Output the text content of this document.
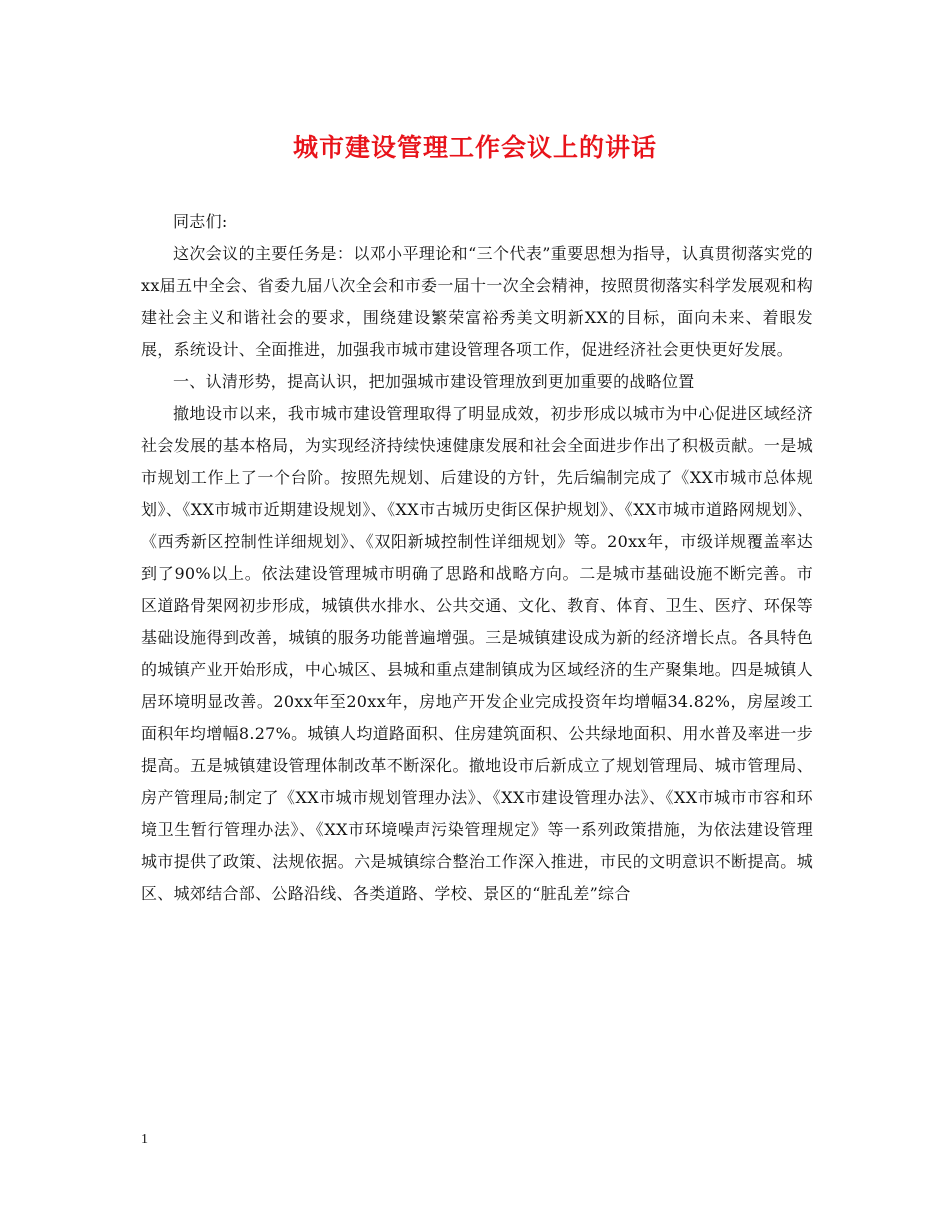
城市建设管理工作会议上的讲话

同志们:

这次会议的主要任务是：以邓小平理论和“三个代表”重要思想为指导，认真贯彻落实党的xx届五中全会、省委九届八次全会和市委一届十一次全会精神，按照贯彻落实科学发展观和构建社会主义和谐社会的要求，围绕建设繁荣富裕秀美文明新XX的目标，面向未来、着眼发展，系统设计、全面推进，加强我市城市建设管理各项工作，促进经济社会更快更好发展。

一、认清形势，提高认识，把加强城市建设管理放到更加重要的战略位置

撤地设市以来，我市城市建设管理取得了明显成效，初步形成以城市为中心促进区域经济社会发展的基本格局，为实现经济持续快速健康发展和社会全面进步作出了积极贡献。一是城市规划工作上了一个台阶。按照先规划、后建设的方针，先后编制完成了《XX市城市总体规划》、《XX市城市近期建设规划》、《XX市古城历史街区保护规划》、《XX市城市道路网规划》、《西秀新区控制性详细规划》、《双阳新城控制性详细规划》等。20xx年，市级详规覆盖率达到了90%以上。依法建设管理城市明确了思路和战略方向。二是城市基础设施不断完善。市区道路骨架网初步形成，城镇供水排水、公共交通、文化、教育、体育、卫生、医疗、环保等基础设施得到改善，城镇的服务功能普遍增强。三是城镇建设成为新的经济增长点。各具特色的城镇产业开始形成，中心城区、县城和重点建制镇成为区域经济的生产聚集地。四是城镇人居环境明显改善。20xx年至20xx年，房地产开发企业完成投资年均增幅34.82%，房屋竣工面积年均增幅8.27%。城镇人均道路面积、住房建筑面积、公共绿地面积、用水普及率进一步提高。五是城镇建设管理体制改革不断深化。撤地设市后新成立了规划管理局、城市管理局、房产管理局;制定了《XX市城市规划管理办法》、《XX市建设管理办法》、《XX市城市市容和环境卫生暂行管理办法》、《XX市环境噪声污染管理规定》等一系列政策措施，为依法建设管理城市提供了政策、法规依据。六是城镇综合整治工作深入推进，市民的文明意识不断提高。城区、城郊结合部、公路沿线、各类道路、学校、景区的“脏乱差”综合

1
